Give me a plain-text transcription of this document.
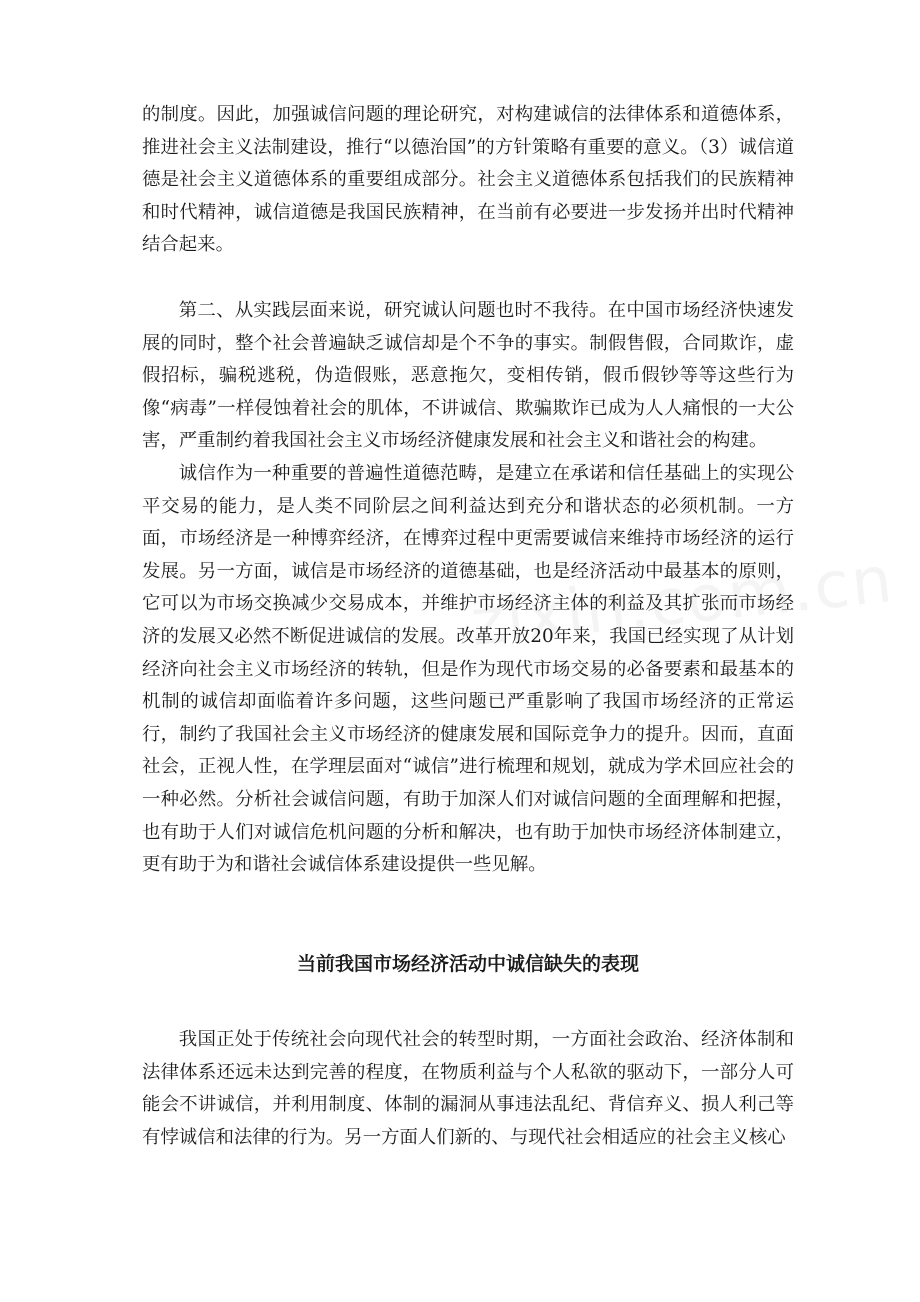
的制度。因此，加强诚信问题的理论研究，对构建诚信的法律体系和道德体系，推进社会主义法制建设，推行“以德治国”的方针策略有重要的意义。（3）诚信道德是社会主义道德体系的重要组成部分。社会主义道德体系包括我们的民族精神和时代精神，诚信道德是我国民族精神，在当前有必要进一步发扬并出时代精神结合起来。

第二、从实践层面来说，研究诚认问题也时不我待。在中国市场经济快速发展的同时，整个社会普遍缺乏诚信却是个不争的事实。制假售假，合同欺诈，虚假招标，骗税逃税，伪造假账，恶意拖欠，变相传销，假币假钞等等这些行为像“病毒”一样侵蚀着社会的肌体，不讲诚信、欺骗欺诈已成为人人痛恨的一大公害，严重制约着我国社会主义市场经济健康发展和社会主义和谐社会的构建。

诚信作为一种重要的普遍性道德范畴，是建立在承诺和信任基础上的实现公平交易的能力，是人类不同阶层之间利益达到充分和谐状态的必须机制。一方面，市场经济是一种博弈经济，在博弈过程中更需要诚信来维持市场经济的运行发展。另一方面，诚信是市场经济的道德基础，也是经济活动中最基本的原则，它可以为市场交换减少交易成本，并维护市场经济主体的利益及其扩张而市场经济的发展又必然不断促进诚信的发展。改革开放20年来，我国已经实现了从计划经济向社会主义市场经济的转轨，但是作为现代市场交易的必备要素和最基本的机制的诚信却面临着许多问题，这些问题已严重影响了我国市场经济的正常运行，制约了我国社会主义市场经济的健康发展和国际竞争力的提升。因而，直面社会，正视人性，在学理层面对“诚信”进行梳理和规划，就成为学术回应社会的一种必然。分析社会诚信问题，有助于加深人们对诚信问题的全面理解和把握，也有助于人们对诚信危机问题的分析和解决，也有助于加快市场经济体制建立，更有助于为和谐社会诚信体系建设提供一些见解。

当前我国市场经济活动中诚信缺失的表现

我国正处于传统社会向现代社会的转型时期，一方面社会政治、经济体制和法律体系还远未达到完善的程度，在物质利益与个人私欲的驱动下，一部分人可能会不讲诚信，并利用制度、体制的漏洞从事违法乱纪、背信弃义、损人利己等有悖诚信和法律的行为。另一方面人们新的、与现代社会相适应的社会主义核心
